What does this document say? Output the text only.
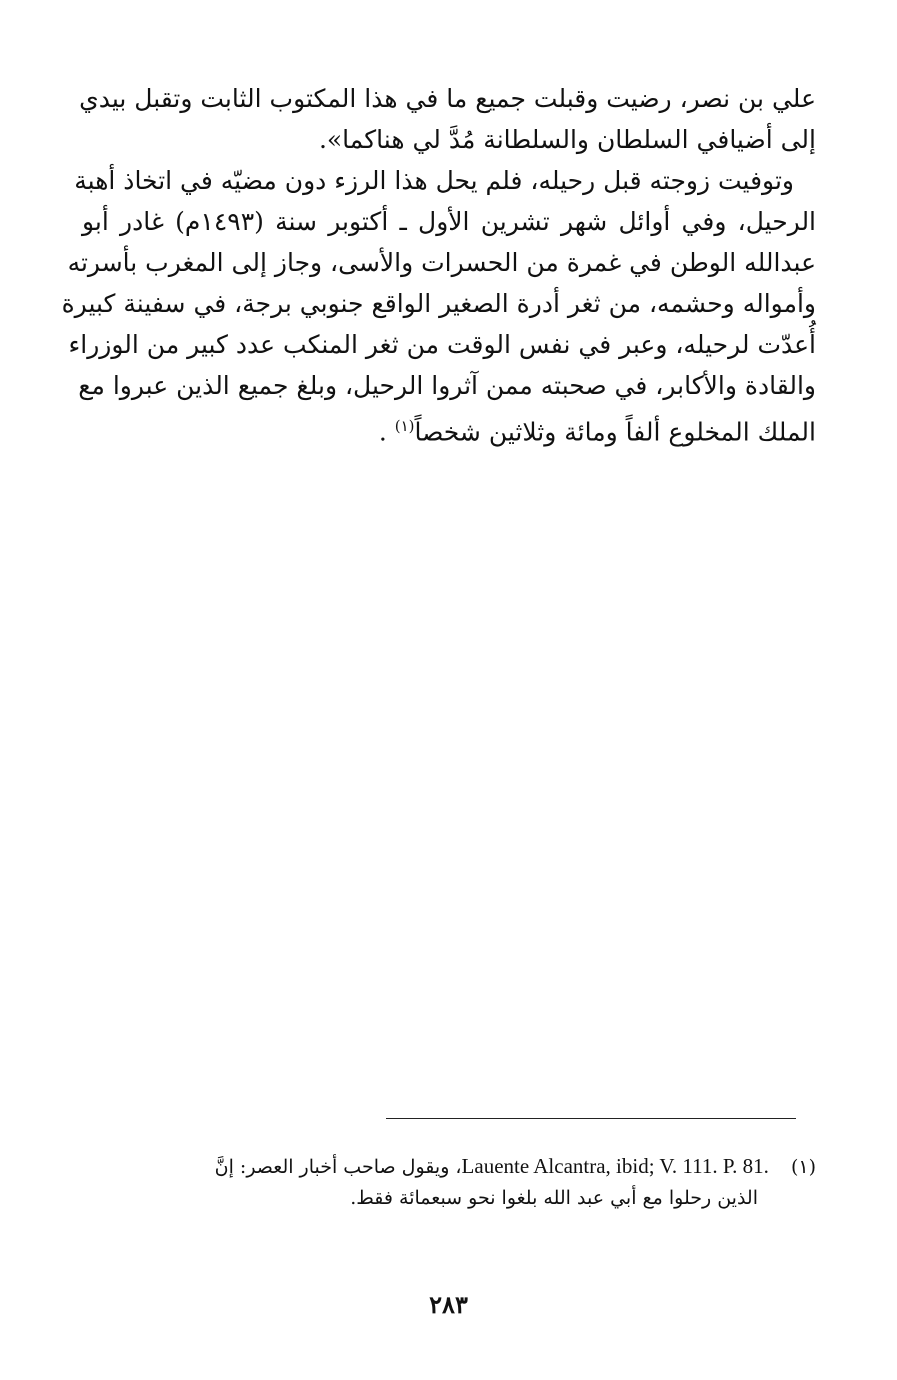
علي بن نصر، رضيت وقبلت جميع ما في هذا المكتوب الثابت وتقبل بيدي
إلى أضيافي السلطان والسلطانة مُدَّ لي هناكما».
وتوفيت زوجته قبل رحيله، فلم يحل هذا الرزء دون مضيّه في اتخاذ أهبة
الرحيل، وفي أوائل شهر تشرين الأول ـ أكتوبر سنة (١٤٩٣م) غادر أبو
عبدالله الوطن في غمرة من الحسرات والأسى، وجاز إلى المغرب بأسرته
وأمواله وحشمه، من ثغر أدرة الصغير الواقع جنوبي برجة، في سفينة كبيرة
أُعدّت لرحيله، وعبر في نفس الوقت من ثغر المنكب عدد كبير من الوزراء
والقادة والأكابر، في صحبته ممن آثروا الرحيل، وبلغ جميع الذين عبروا مع
الملك المخلوع ألفاً ومائة وثلاثين شخصاً$^{(١)}$ .
(١)Lauente Alcantra, ibid; V. 111. P. 81.، ويقول صاحب أخبار العصر: إنَّ
الذين رحلوا مع أبي عبد الله بلغوا نحو سبعمائة فقط.
٢٨٣
